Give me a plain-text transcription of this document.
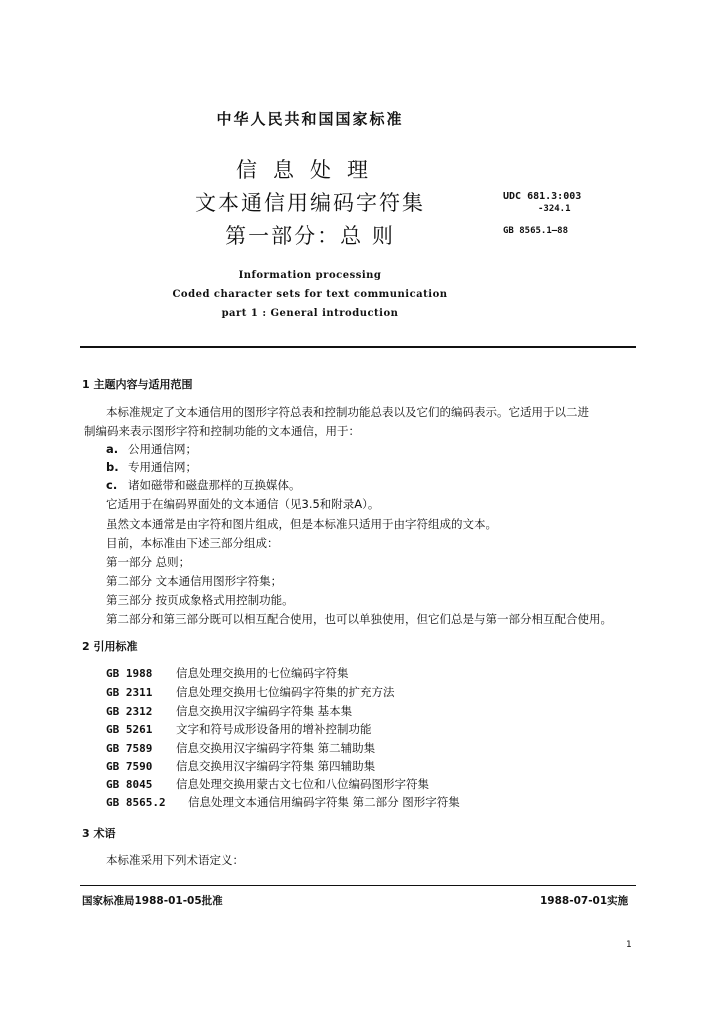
中华人民共和国国家标准
信息处理
文本通信用编码字符集
第一部分：总 则
UDC 681.3:003
-324.1
GB 8565.1—88
Information processing
Coded character sets for text communication
part 1 : General introduction
1 主题内容与适用范围
本标准规定了文本通信用的图形字符总表和控制功能总表以及它们的编码表示。它适用于以二进
制编码来表示图形字符和控制功能的文本通信，用于：
a. 公用通信网；
b. 专用通信网；
c. 诸如磁带和磁盘那样的互换媒体。
它适用于在编码界面处的文本通信（见3.5和附录A）。
虽然文本通常是由字符和图片组成，但是本标准只适用于由字符组成的文本。
目前，本标准由下述三部分组成：
第一部分 总则；
第二部分 文本通信用图形字符集；
第三部分 按页成象格式用控制功能。
第二部分和第三部分既可以相互配合使用，也可以单独使用，但它们总是与第一部分相互配合使用。
2 引用标准
GB 1988 信息处理交换用的七位编码字符集
GB 2311 信息处理交换用七位编码字符集的扩充方法
GB 2312 信息交换用汉字编码字符集 基本集
GB 5261 文字和符号成形设备用的增补控制功能
GB 7589 信息交换用汉字编码字符集 第二辅助集
GB 7590 信息交换用汉字编码字符集 第四辅助集
GB 8045 信息处理交换用蒙古文七位和八位编码图形字符集
GB 8565.2 信息处理文本通信用编码字符集 第二部分 图形字符集
3 术语
本标准采用下列术语定义：
国家标准局1988-01-05批准	1988-07-01实施
1
